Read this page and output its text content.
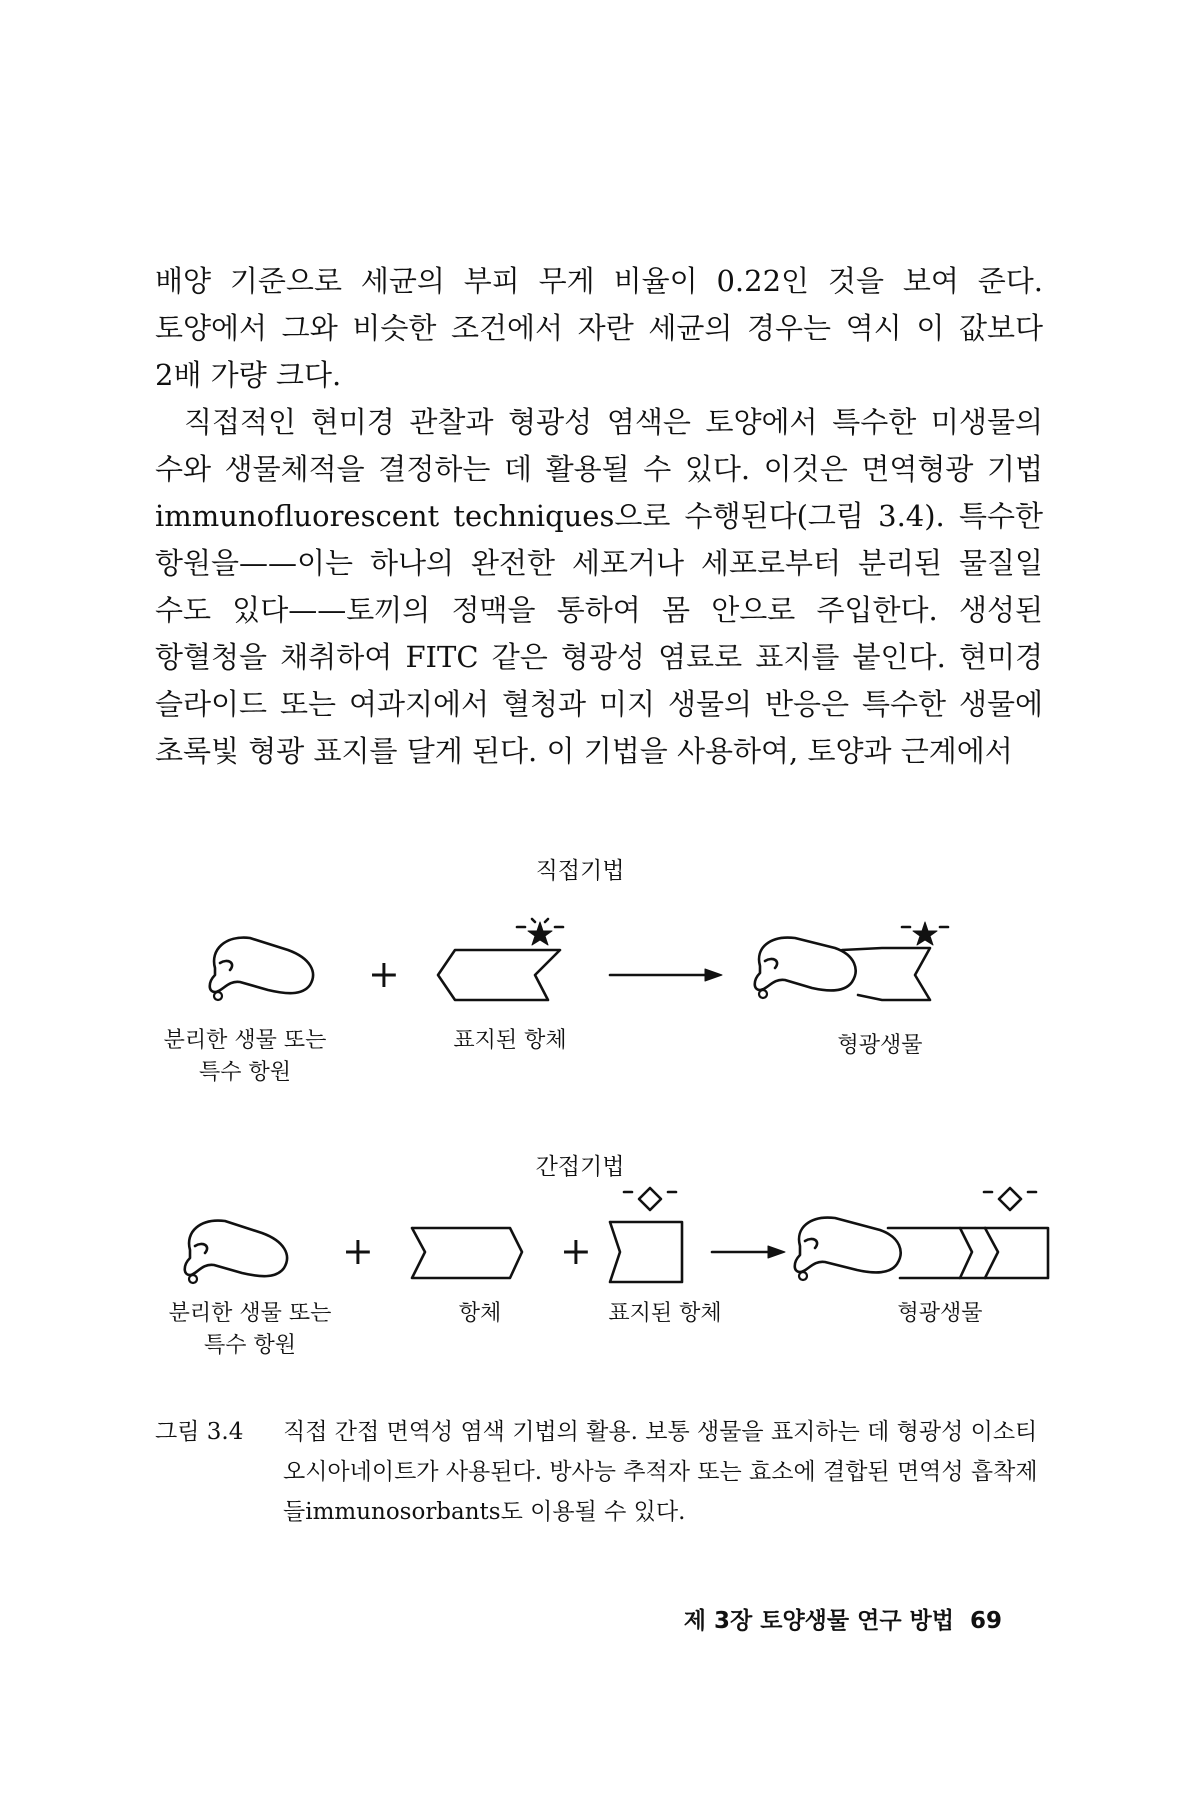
배양 기준으로 세균의 부피 무게 비율이 0.22인 것을 보여 준다. 토양에서 그와 비슷한 조건에서 자란 세균의 경우는 역시 이 값보다 2배 가량 크다.

직접적인 현미경 관찰과 형광성 염색은 토양에서 특수한 미생물의 수와 생물체적을 결정하는 데 활용될 수 있다. 이것은 면역형광 기법 immunofluorescent techniques으로 수행된다(그림 3.4). 특수한 항원을——이는 하나의 완전한 세포거나 세포로부터 분리된 물질일 수도 있다——토끼의 정맥을 통하여 몸 안으로 주입한다. 생성된 항혈청을 채취하여 FITC 같은 형광성 염료로 표지를 붙인다. 현미경 슬라이드 또는 여과지에서 혈청과 미지 생물의 반응은 특수한 생물에 초록빛 형광 표지를 달게 된다. 이 기법을 사용하여, 토양과 근계에서

직접기법
간접기법
+
분리한 생물 또는
특수 항원
표지된 항체	형광생물
+	+
분리한 생물 또는
특수 항원
항체	표지된 항체	형광생물
그림 3.4	직접 간접 면역성 염색 기법의 활용. 보통 생물을 표지하는 데 형광성 이소티오시아네이트가 사용된다. 방사능 추적자 또는 효소에 결합된 면역성 흡착제들immunosorbants도 이용될 수 있다.
제 3장 토양생물 연구 방법 69
